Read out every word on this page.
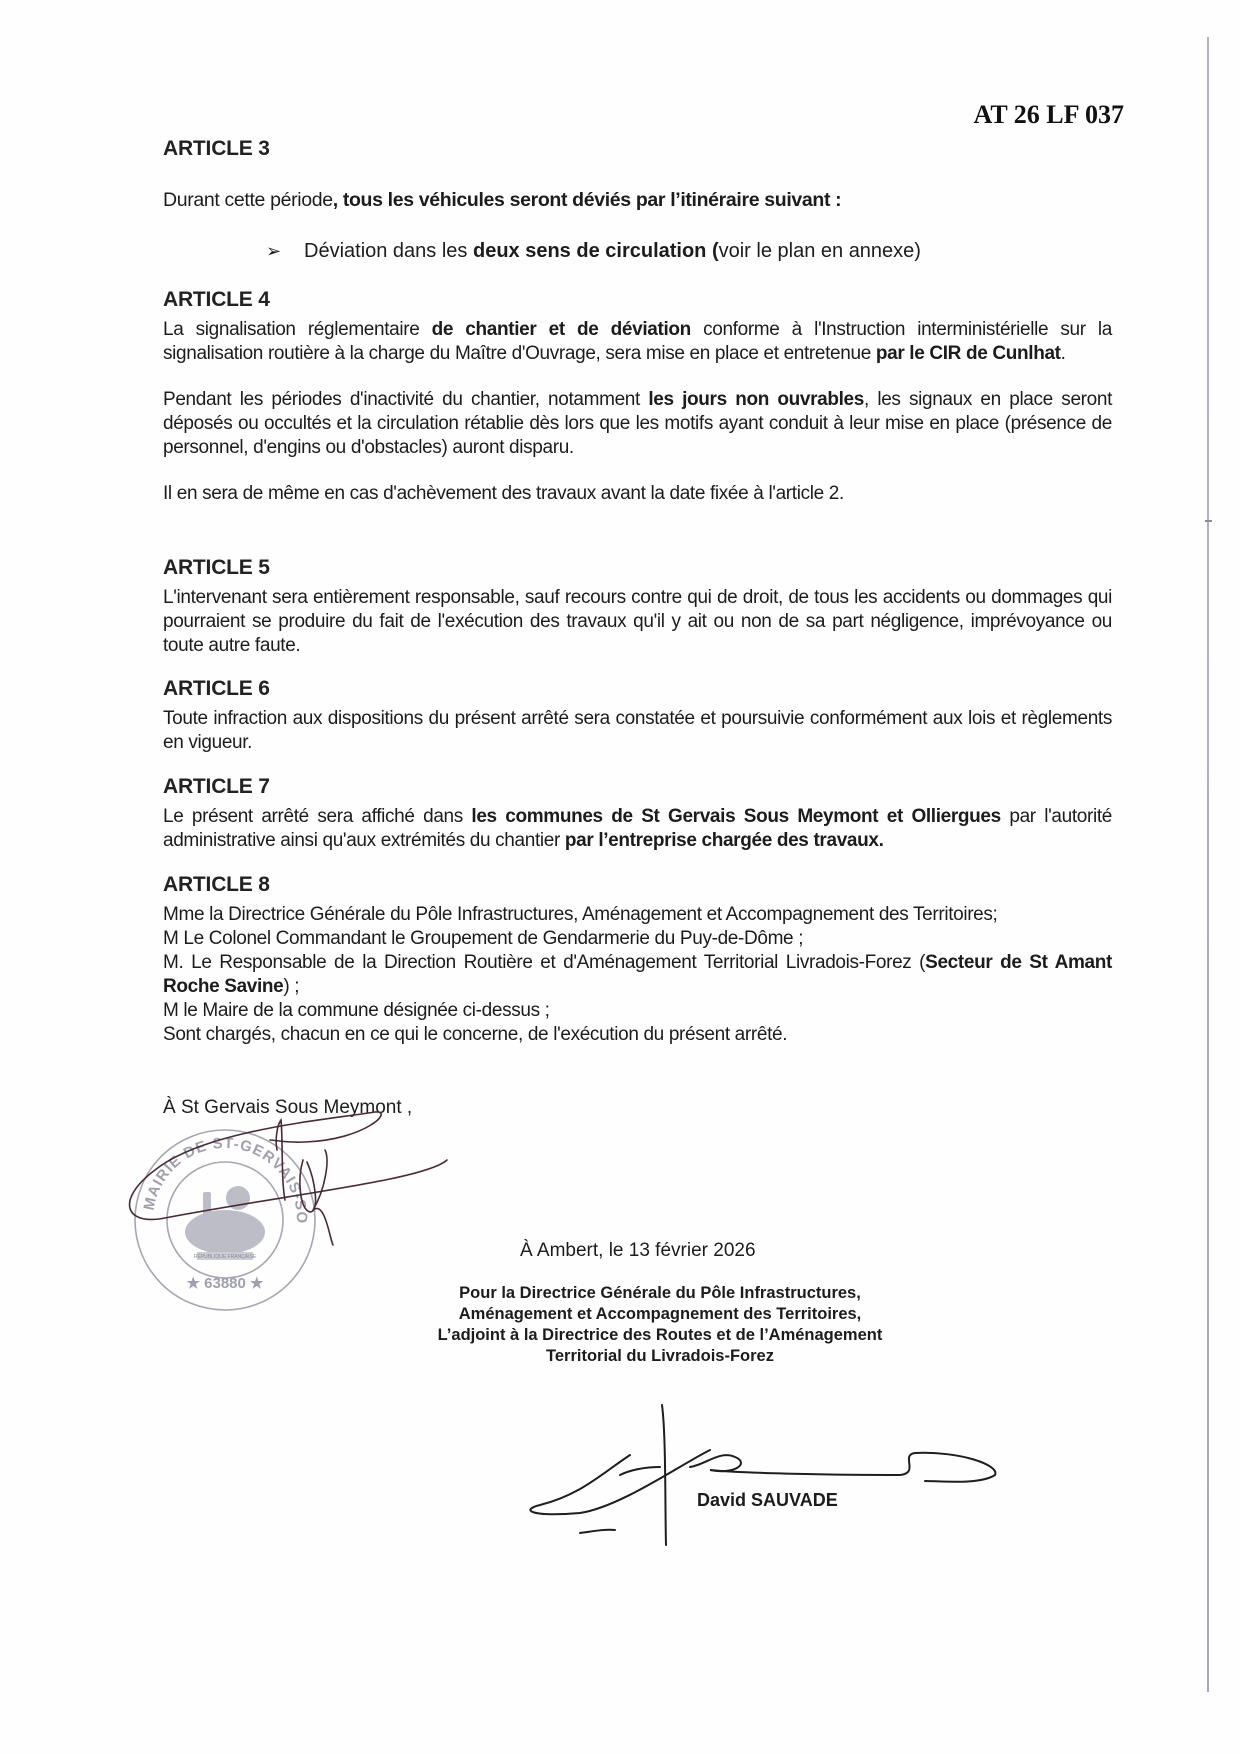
AT 26 LF 037
ARTICLE 3

Durant cette période, tous les véhicules seront déviés par l’itinéraire suivant :

➢ Déviation dans les deux sens de circulation (voir le plan en annexe)
ARTICLE 4

La signalisation réglementaire de chantier et de déviation conforme à l'Instruction interministérielle sur la signalisation routière à la charge du Maître d'Ouvrage, sera mise en place et entretenue par le CIR de Cunlhat.

Pendant les périodes d'inactivité du chantier, notamment les jours non ouvrables, les signaux en place seront déposés ou occultés et la circulation rétablie dès lors que les motifs ayant conduit à leur mise en place (présence de personnel, d'engins ou d'obstacles) auront disparu.

Il en sera de même en cas d'achèvement des travaux avant la date fixée à l'article 2.

ARTICLE 5

L'intervenant sera entièrement responsable, sauf recours contre qui de droit, de tous les accidents ou dommages qui pourraient se produire du fait de l'exécution des travaux qu'il y ait ou non de sa part négligence, imprévoyance ou toute autre faute.

ARTICLE 6

Toute infraction aux dispositions du présent arrêté sera constatée et poursuivie conformément aux lois et règlements en vigueur.

ARTICLE 7

Le présent arrêté sera affiché dans les communes de St Gervais Sous Meymont et Olliergues par l'autorité administrative ainsi qu'aux extrémités du chantier par l’entreprise chargée des travaux.

ARTICLE 8

Mme la Directrice Générale du Pôle Infrastructures, Aménagement et Accompagnement des Territoires;

M Le Colonel Commandant le Groupement de Gendarmerie du Puy-de-Dôme ;

M. Le Responsable de la Direction Routière et d'Aménagement Territorial Livradois-Forez (Secteur de St Amant Roche Savine) ;

M le Maire de la commune désignée ci-dessus ;

Sont chargés, chacun en ce qui le concerne, de l'exécution du présent arrêté.

À St Gervais Sous Meymont ,
MAIRIE DE ST-GERVAIS-SOUS-MEYMONT
★ 63880 ★
RÉPUBLIQUE FRANÇAISE	À Ambert, le 13 février 2026
Pour la Directrice Générale du Pôle Infrastructures,
Aménagement et Accompagnement des Territoires,
L’adjoint à la Directrice des Routes et de l’Aménagement
Territorial du Livradois-Forez
David SAUVADE
